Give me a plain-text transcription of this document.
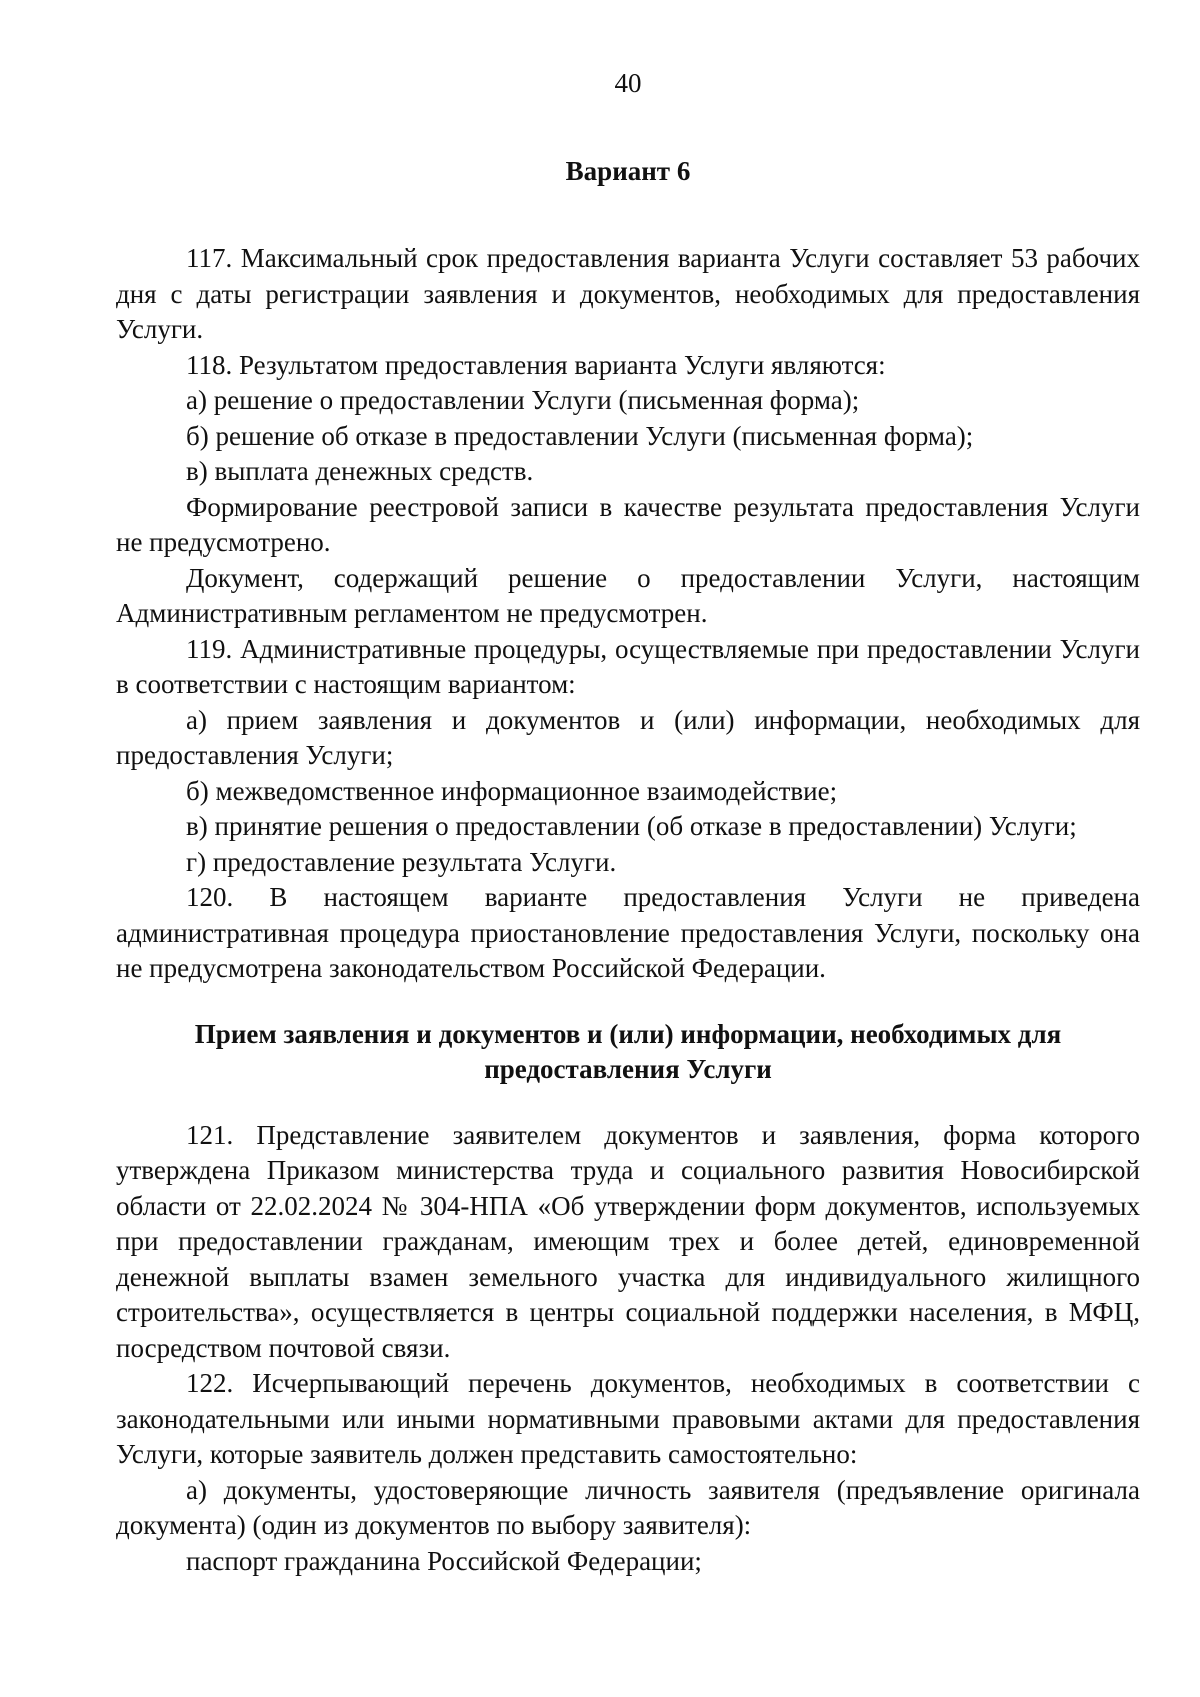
40
Вариант 6

117. Максимальный срок предоставления варианта Услуги составляет 53 рабочих дня с даты регистрации заявления и документов, необходимых для предоставления Услуги.

118. Результатом предоставления варианта Услуги являются:

а) решение о предоставлении Услуги (письменная форма);

б) решение об отказе в предоставлении Услуги (письменная форма);

в) выплата денежных средств.

Формирование реестровой записи в качестве результата предоставления Услуги не предусмотрено.

Документ, содержащий решение о предоставлении Услуги, настоящим Административным регламентом не предусмотрен.

119. Административные процедуры, осуществляемые при предоставлении Услуги в соответствии с настоящим вариантом:

а) прием заявления и документов и (или) информации, необходимых для предоставления Услуги;

б) межведомственное информационное взаимодействие;

в) принятие решения о предоставлении (об отказе в предоставлении) Услуги;

г) предоставление результата Услуги.

120. В настоящем варианте предоставления Услуги не приведена административная процедура приостановление предоставления Услуги, поскольку она не предусмотрена законодательством Российской Федерации.

Прием заявления и документов и (или) информации, необходимых для предоставления Услуги

121. Представление заявителем документов и заявления, форма которого утверждена Приказом министерства труда и социального развития Новосибирской области от 22.02.2024 № 304-НПА «Об утверждении форм документов, используемых при предоставлении гражданам, имеющим трех и более детей, единовременной денежной выплаты взамен земельного участка для индивидуального жилищного строительства», осуществляется в центры социальной поддержки населения, в МФЦ, посредством почтовой связи.

122. Исчерпывающий перечень документов, необходимых в соответствии с законодательными или иными нормативными правовыми актами для предоставления Услуги, которые заявитель должен представить самостоятельно:

а) документы, удостоверяющие личность заявителя (предъявление оригинала документа) (один из документов по выбору заявителя):

паспорт гражданина Российской Федерации;
